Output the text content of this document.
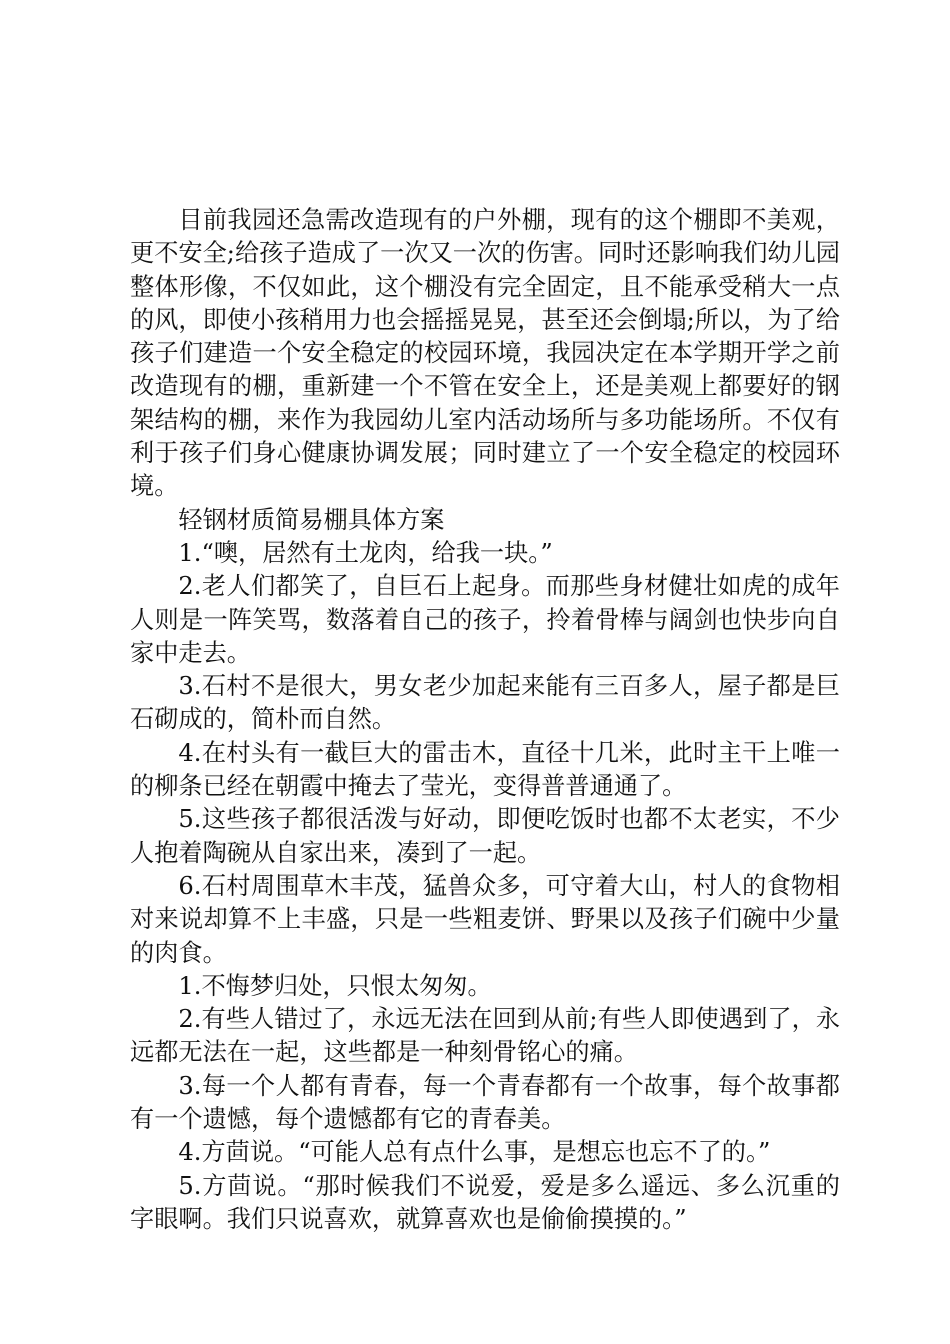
目前我园还急需改造现有的户外棚，现有的这个棚即不美观，更不安全;给孩子造成了一次又一次的伤害。同时还影响我们幼儿园整体形像，不仅如此，这个棚没有完全固定，且不能承受稍大一点的风，即使小孩稍用力也会摇摇晃晃，甚至还会倒塌;所以，为了给孩子们建造一个安全稳定的校园环境，我园决定在本学期开学之前改造现有的棚，重新建一个不管在安全上，还是美观上都要好的钢架结构的棚，来作为我园幼儿室内活动场所与多功能场所。不仅有利于孩子们身心健康协调发展；同时建立了一个安全稳定的校园环境。

轻钢材质简易棚具体方案

1.“噢，居然有土龙肉，给我一块。”

2.老人们都笑了，自巨石上起身。而那些身材健壮如虎的成年人则是一阵笑骂，数落着自己的孩子，拎着骨棒与阔剑也快步向自家中走去。

3.石村不是很大，男女老少加起来能有三百多人，屋子都是巨石砌成的，简朴而自然。

4.在村头有一截巨大的雷击木，直径十几米，此时主干上唯一的柳条已经在朝霞中掩去了莹光，变得普普通通了。

5.这些孩子都很活泼与好动，即便吃饭时也都不太老实，不少人抱着陶碗从自家出来，凑到了一起。

6.石村周围草木丰茂，猛兽众多，可守着大山，村人的食物相对来说却算不上丰盛，只是一些粗麦饼、野果以及孩子们碗中少量的肉食。

1.不悔梦归处，只恨太匆匆。

2.有些人错过了，永远无法在回到从前;有些人即使遇到了，永远都无法在一起，这些都是一种刻骨铭心的痛。

3.每一个人都有青春，每一个青春都有一个故事，每个故事都有一个遗憾，每个遗憾都有它的青春美。

4.方茴说。“可能人总有点什么事，是想忘也忘不了的。”

5.方茴说。“那时候我们不说爱，爱是多么遥远、多么沉重的字眼啊。我们只说喜欢，就算喜欢也是偷偷摸摸的。”
